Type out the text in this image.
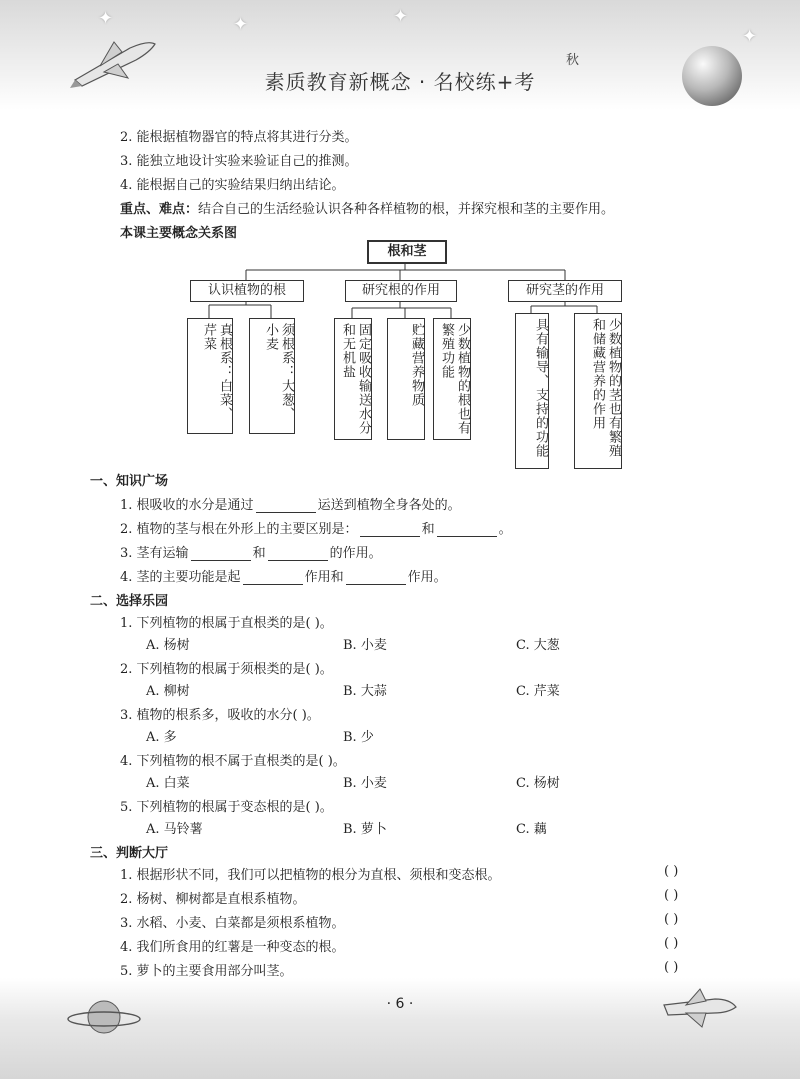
✦	✦	✦
✦
秋
素质教育新概念 · 名校练+考
2. 能根据植物器官的特点将其进行分类。
3. 能独立地设计实验来验证自己的推测。
4. 能根据自己的实验结果归纳出结论。
重点、难点：结合自己的生活经验认识各种各样植物的根，并探究根和茎的主要作用。
本课主要概念关系图
根和茎
认识植物的根	研究根的作用	研究茎的作用
真根系：白菜、芹菜	须根系：大葱、小麦	固定吸收输送水分和无机盐	贮藏营养物质	少数植物的根也有繁殖功能	具有输导、支持的功能	少数植物的茎也有繁殖和储藏营养的作用
一、知识广场
1. 根吸收的水分是通过	运送到植物全身各处的。
2. 植物的茎与根在外形上的主要区别是：	和	。
3. 茎有运输	和	的作用。
4. 茎的主要功能是起	作用和	作用。
二、选择乐园
1. 下列植物的根属于直根类的是( )。
A. 杨树	B. 小麦	C. 大葱
2. 下列植物的根属于须根类的是( )。
A. 柳树	B. 大蒜	C. 芹菜
3. 植物的根系多，吸收的水分( )。
A. 多	B. 少
4. 下列植物的根不属于直根类的是( )。
A. 白菜	B. 小麦	C. 杨树
5. 下列植物的根属于变态根的是( )。
A. 马铃薯	B. 萝卜	C. 藕
三、判断大厅
1. 根据形状不同，我们可以把植物的根分为直根、须根和变态根。	( )
2. 杨树、柳树都是直根系植物。	( )
3. 水稻、小麦、白菜都是须根系植物。	( )
4. 我们所食用的红薯是一种变态的根。	( )
5. 萝卜的主要食用部分叫茎。	( )
· 6 ·
